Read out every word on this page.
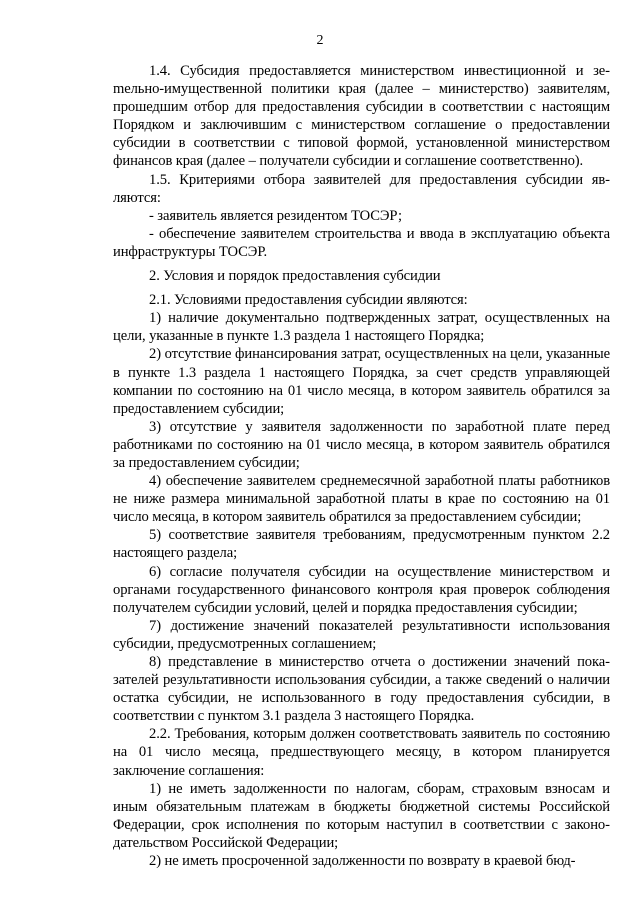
2

1.4. Субсидия предоставляется министерством инвестиционной и зеmельно-имущественной политики края (далее – министерство) заявителям, прошедшим отбор для предоставления субсидии в соответствии с настоящим Порядком и заключившим с министерством соглашение о предоставлении субсидии в соответствии с типовой формой, установленной министерством финансов края (далее – получатели субсидии и соглашение соответственно).

1.5. Критериями отбора заявителей для предоставления субсидии являются:

- заявитель является резидентом ТОСЭР;

- обеспечение заявителем строительства и ввода в эксплуатацию объекта инфраструктуры ТОСЭР.

2. Условия и порядок предоставления субсидии

2.1. Условиями предоставления субсидии являются:

1) наличие документально подтвержденных затрат, осуществленных на цели, указанные в пункте 1.3 раздела 1 настоящего Порядка;

2) отсутствие финансирования затрат, осуществленных на цели, указанные в пункте 1.3 раздела 1 настоящего Порядка, за счет средств управляющей компании по состоянию на 01 число месяца, в котором заявитель обратился за предоставлением субсидии;

3) отсутствие у заявителя задолженности по заработной плате перед работниками по состоянию на 01 число месяца, в котором заявитель обратился за предоставлением субсидии;

4) обеспечение заявителем среднемесячной заработной платы работников не ниже размера минимальной заработной платы в крае по состоянию на 01 число месяца, в котором заявитель обратился за предоставлением субсидии;

5) соответствие заявителя требованиям, предусмотренным пунктом 2.2 настоящего раздела;

6) согласие получателя субсидии на осуществление министерством и органами государственного финансового контроля края проверок соблюдения получателем субсидии условий, целей и порядка предоставления субсидии;

7) достижение значений показателей результативности использования субсидии, предусмотренных соглашением;

8) представление в министерство отчета о достижении значений показателей результативности использования субсидии, а также сведений о наличии остатка субсидии, не использованного в году предоставления субсидии, в соответствии с пунктом 3.1 раздела 3 настоящего Порядка.

2.2. Требования, которым должен соответствовать заявитель по состоянию на 01 число месяца, предшествующего месяцу, в котором планируется заключение соглашения:

1) не иметь задолженности по налогам, сборам, страховым взносам и иным обязательным платежам в бюджеты бюджетной системы Российской Федерации, срок исполнения по которым наступил в соответствии с законодательством Российской Федерации;

2) не иметь просроченной задолженности по возврату в краевой бюд-
